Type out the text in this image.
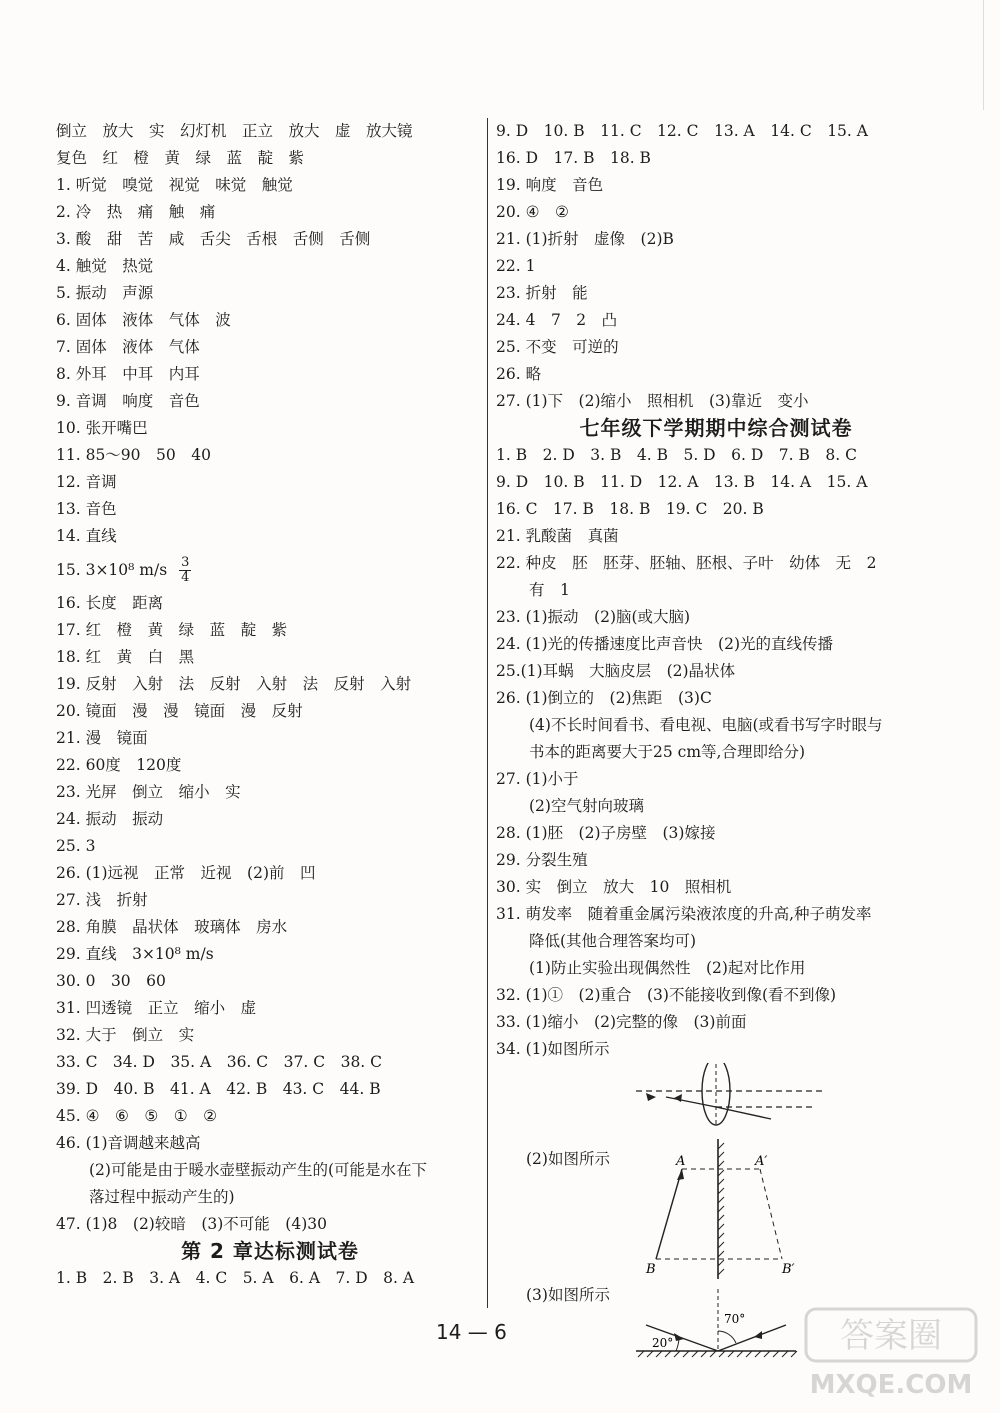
倒立　放大　实　幻灯机　正立　放大　虚　放大镜
复色　红　橙　黄　绿　蓝　靛　紫
1. 听觉　嗅觉　视觉　味觉　触觉
2. 冷　热　痛　触　痛
3. 酸　甜　苦　咸　舌尖　舌根　舌侧　舌侧
4. 触觉　热觉
5. 振动　声源
6. 固体　液体　气体　波
7. 固体　液体　气体
8. 外耳　中耳　内耳
9. 音调　响度　音色
10. 张开嘴巴
11. 85～90　50　40
12. 音调
13. 音色
14. 直线
15. 3×10⁸ $m/s \frac{3}{4}$
16. 长度　距离
17. 红　橙　黄　绿　蓝　靛　紫
18. 红　黄　白　黑
19. 反射　入射　法　反射　入射　法　反射　入射
20. 镜面　漫　漫　镜面　漫　反射
21. 漫　镜面
22. 60度　120度
23. 光屏　倒立　缩小　实
24. 振动　振动
25. 3
26. (1)远视　正常　近视　(2)前　凹
27. 浅　折射
28. 角膜　晶状体　玻璃体　房水
29. 直线　3×10⁸ m/s
30. 0　30　60
31. 凹透镜　正立　缩小　虚
32. 大于　倒立　实
33. C　34. D　35. A　36. C　37. C　38. C
39. D　40. B　41. A　42. B　43. C　44. B
45. ④　⑥　⑤　①　②
46. (1)音调越来越高
(2)可能是由于暖水壶壁振动产生的(可能是水在下
落过程中振动产生的)
47. (1)8　(2)较暗　(3)不可能　(4)30
第 2 章达标测试卷
1. B　2. B　3. A　4. C　5. A　6. A　7. D　8. A
9. D　10. B　11. C　12. C　13. A　14. C　15. A
16. D　17. B　18. B
19. 响度　音色
20. ④　②
21. (1)折射　虚像　(2)B
22. 1
23. 折射　能
24. 4　7　2　凸
25. 不变　可逆的
26. 略
27. (1)下　(2)缩小　照相机　(3)靠近　变小
七年级下学期期中综合测试卷
1. B　2. D　3. B　4. B　5. D　6. D　7. B　8. C
9. D　10. B　11. D　12. A　13. B　14. A　15. A
16. C　17. B　18. B　19. C　20. B
21. 乳酸菌　真菌
22. 种皮　胚　胚芽、胚轴、胚根、子叶　幼体　无　2
有　1
23. (1)振动　(2)脑(或大脑)
24. (1)光的传播速度比声音快　(2)光的直线传播
25.(1)耳蜗　大脑皮层　(2)晶状体
26. (1)倒立的　(2)焦距　(3)C
(4)不长时间看书、看电视、电脑(或看书写字时眼与
书本的距离要大于25 cm等,合理即给分)
27. (1)小于
(2)空气射向玻璃
28. (1)胚　(2)子房壁　(3)嫁接
29. 分裂生殖
30. 实　倒立　放大　10　照相机
31. 萌发率　随着重金属污染液浓度的升高,种子萌发率
降低(其他合理答案均可)
(1)防止实验出现偶然性　(2)起对比作用
32. (1)①　(2)重合　(3)不能接收到像(看不到像)
33. (1)缩小　(2)完整的像　(3)前面
34. (1)如图所示
(2)如图所示	A	A′
B	B′
(3)如图所示
20°
70°
14 — 6	答案圈
MXQE.COM
